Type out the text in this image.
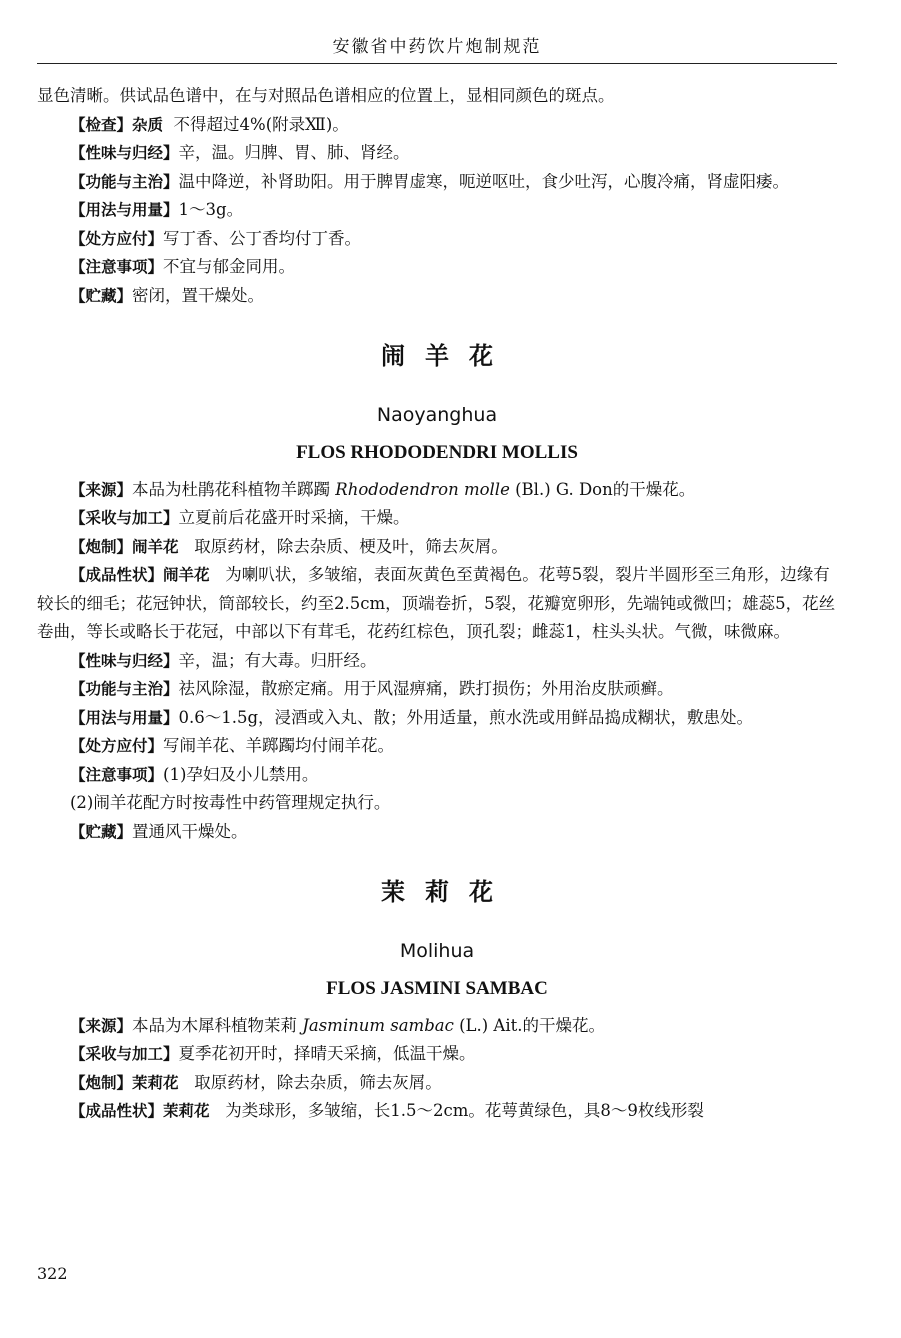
安徽省中药饮片炮制规范

显色清晰。供试品色谱中，在与对照品色谱相应的位置上，显相同颜色的斑点。

【检查】杂质 不得超过4%(附录Ⅻ)。

【性味与归经】辛，温。归脾、胃、肺、肾经。

【功能与主治】温中降逆，补肾助阳。用于脾胃虚寒，呃逆呕吐，食少吐泻，心腹冷痛，肾虚阳痿。

【用法与用量】1～3g。

【处方应付】写丁香、公丁香均付丁香。

【注意事项】不宜与郁金同用。

【贮藏】密闭，置干燥处。

闹羊花
Naoyanghua
FLOS RHODODENDRI MOLLIS

【来源】本品为杜鹃花科植物羊踯躅 Rhododendron molle (Bl.) G. Don的干燥花。

【采收与加工】立夏前后花盛开时采摘，干燥。

【炮制】闹羊花 取原药材，除去杂质、梗及叶，筛去灰屑。

【成品性状】闹羊花 为喇叭状，多皱缩，表面灰黄色至黄褐色。花萼5裂，裂片半圆形至三角形，边缘有较长的细毛；花冠钟状，筒部较长，约至2.5cm，顶端卷折，5裂，花瓣宽卵形，先端钝或微凹；雄蕊5，花丝卷曲，等长或略长于花冠，中部以下有茸毛，花药红棕色，顶孔裂；雌蕊1，柱头头状。气微，味微麻。

【性味与归经】辛，温；有大毒。归肝经。

【功能与主治】祛风除湿，散瘀定痛。用于风湿痹痛，跌打损伤；外用治皮肤顽癣。

【用法与用量】0.6～1.5g，浸酒或入丸、散；外用适量，煎水洗或用鲜品捣成糊状，敷患处。

【处方应付】写闹羊花、羊踯躅均付闹羊花。

【注意事项】(1)孕妇及小儿禁用。

(2)闹羊花配方时按毒性中药管理规定执行。

【贮藏】置通风干燥处。

茉莉花
Molihua
FLOS JASMINI SAMBAC

【来源】本品为木犀科植物茉莉 Jasminum sambac (L.) Ait.的干燥花。

【采收与加工】夏季花初开时，择晴天采摘，低温干燥。

【炮制】茉莉花 取原药材，除去杂质，筛去灰屑。

【成品性状】茉莉花 为类球形，多皱缩，长1.5～2cm。花萼黄绿色，具8～9枚线形裂

322
